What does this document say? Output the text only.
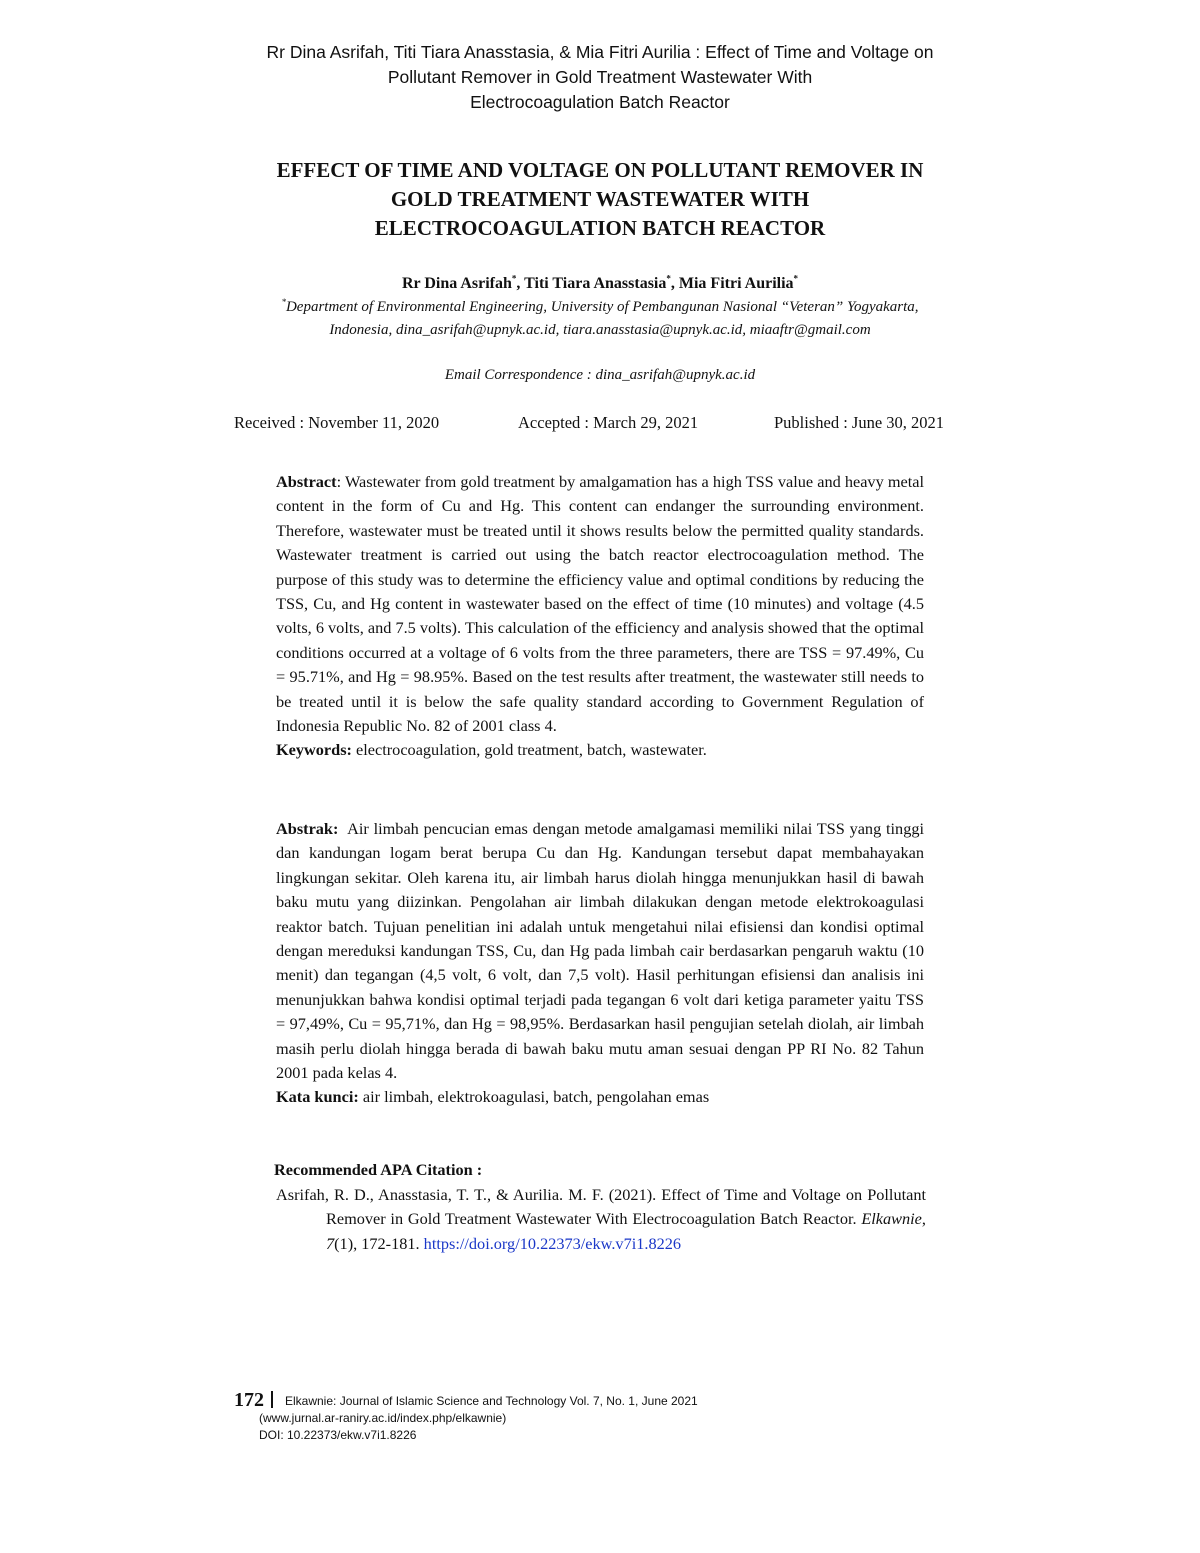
Rr Dina Asrifah, Titi Tiara Anasstasia, & Mia Fitri Aurilia : Effect of Time and Voltage on
Pollutant Remover in Gold Treatment Wastewater With
Electrocoagulation Batch Reactor
EFFECT OF TIME AND VOLTAGE ON POLLUTANT REMOVER IN
GOLD TREATMENT WASTEWATER WITH
ELECTROCOAGULATION BATCH REACTOR
Rr Dina Asrifah*, Titi Tiara Anasstasia*, Mia Fitri Aurilia*
*Department of Environmental Engineering, University of Pembangunan Nasional “Veteran” Yogyakarta,
Indonesia, dina_asrifah@upnyk.ac.id, tiara.anasstasia@upnyk.ac.id, miaaftr@gmail.com
Email Correspondence : dina_asrifah@upnyk.ac.id
Received : November 11, 2020	Accepted : March 29, 2021	Published : June 30, 2021

Abstract: Wastewater from gold treatment by amalgamation has a high TSS value and heavy metal content in the form of Cu and Hg. This content can endanger the surrounding environment. Therefore, wastewater must be treated until it shows results below the permitted quality standards. Wastewater treatment is carried out using the batch reactor electrocoagulation method. The purpose of this study was to determine the efficiency value and optimal conditions by reducing the TSS, Cu, and Hg content in wastewater based on the effect of time (10 minutes) and voltage (4.5 volts, 6 volts, and 7.5 volts). This calculation of the efficiency and analysis showed that the optimal conditions occurred at a voltage of 6 volts from the three parameters, there are TSS = 97.49%, Cu = 95.71%, and Hg = 98.95%. Based on the test results after treatment, the wastewater still needs to be treated until it is below the safe quality standard according to Government Regulation of Indonesia Republic No. 82 of 2001 class 4.

Keywords: electrocoagulation, gold treatment, batch, wastewater.

Abstrak:  Air limbah pencucian emas dengan metode amalgamasi memiliki nilai TSS yang tinggi dan kandungan logam berat berupa Cu dan Hg. Kandungan tersebut dapat membahayakan lingkungan sekitar. Oleh karena itu, air limbah harus diolah hingga menunjukkan hasil di bawah baku mutu yang diizinkan. Pengolahan air limbah dilakukan dengan metode elektrokoagulasi reaktor batch. Tujuan penelitian ini adalah untuk mengetahui nilai efisiensi dan kondisi optimal dengan mereduksi kandungan TSS, Cu, dan Hg pada limbah cair berdasarkan pengaruh waktu (10 menit) dan tegangan (4,5 volt, 6 volt, dan 7,5 volt). Hasil perhitungan efisiensi dan analisis ini menunjukkan bahwa kondisi optimal terjadi pada tegangan 6 volt dari ketiga parameter yaitu TSS = 97,49%, Cu = 95,71%, dan Hg = 98,95%. Berdasarkan hasil pengujian setelah diolah, air limbah masih perlu diolah hingga berada di bawah baku mutu aman sesuai dengan PP RI No. 82 Tahun 2001 pada kelas 4.

Kata kunci: air limbah, elektrokoagulasi, batch, pengolahan emas

Recommended APA Citation :
Asrifah, R. D., Anasstasia, T. T., & Aurilia. M. F. (2021). Effect of Time and Voltage on Pollutant Remover in Gold Treatment Wastewater With Electrocoagulation Batch Reactor. Elkawnie, 7(1), 172-181. https://doi.org/10.22373/ekw.v7i1.8226
172 Elkawnie: Journal of Islamic Science and Technology Vol. 7, No. 1, June 2021
(www.jurnal.ar-raniry.ac.id/index.php/elkawnie)
DOI: 10.22373/ekw.v7i1.8226
